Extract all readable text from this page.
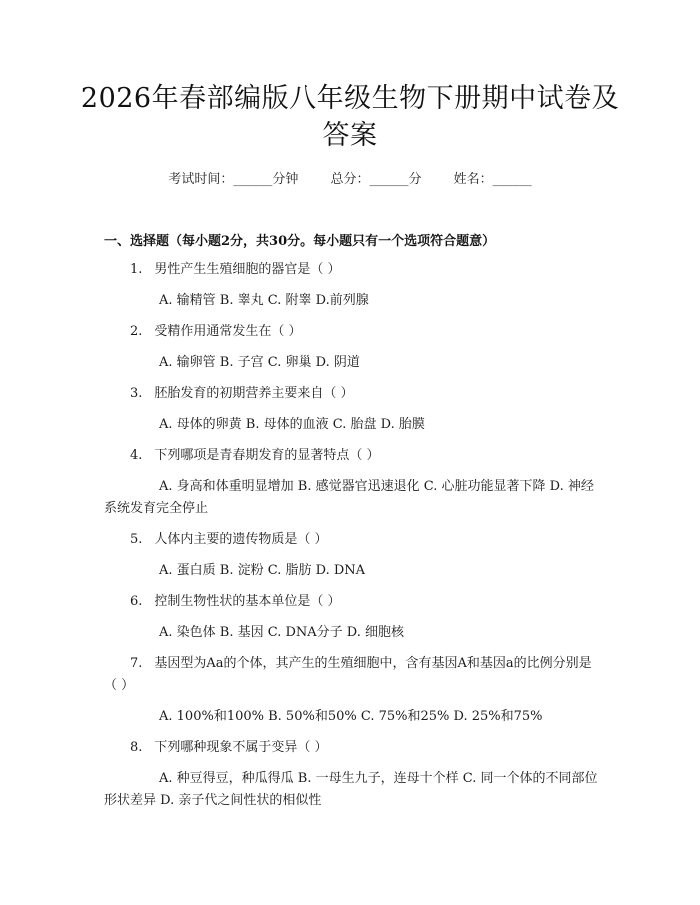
2026年春部编版八年级生物下册期中试卷及
答案
考试时间：______分钟 总分：______分 姓名：______
一、选择题（每小题2分，共30分。每小题只有一个选项符合题意）

1. 男性产生生殖细胞的器官是（ ）

A. 输精管 B. 睾丸 C. 附睾 D.前列腺

2. 受精作用通常发生在（ ）

A. 输卵管 B. 子宫 C. 卵巢 D. 阴道

3. 胚胎发育的初期营养主要来自（ ）

A. 母体的卵黄 B. 母体的血液 C. 胎盘 D. 胎膜

4. 下列哪项是青春期发育的显著特点（ ）

A. 身高和体重明显增加 B. 感觉器官迅速退化 C. 心脏功能显著下降 D. 神经系统发育完全停止

5. 人体内主要的遗传物质是（ ）

A. 蛋白质 B. 淀粉 C. 脂肪 D. DNA

6. 控制生物性状的基本单位是（ ）

A. 染色体 B. 基因 C. DNA分子 D. 细胞核

7. 基因型为Aa的个体，其产生的生殖细胞中，含有基因A和基因a的比例分别是（ ）

A. 100%和100% B. 50%和50% C. 75%和25% D. 25%和75%

8. 下列哪种现象不属于变异（ ）

A. 种豆得豆，种瓜得瓜 B. 一母生九子，连母十个样 C. 同一个体的不同部位形状差异 D. 亲子代之间性状的相似性
